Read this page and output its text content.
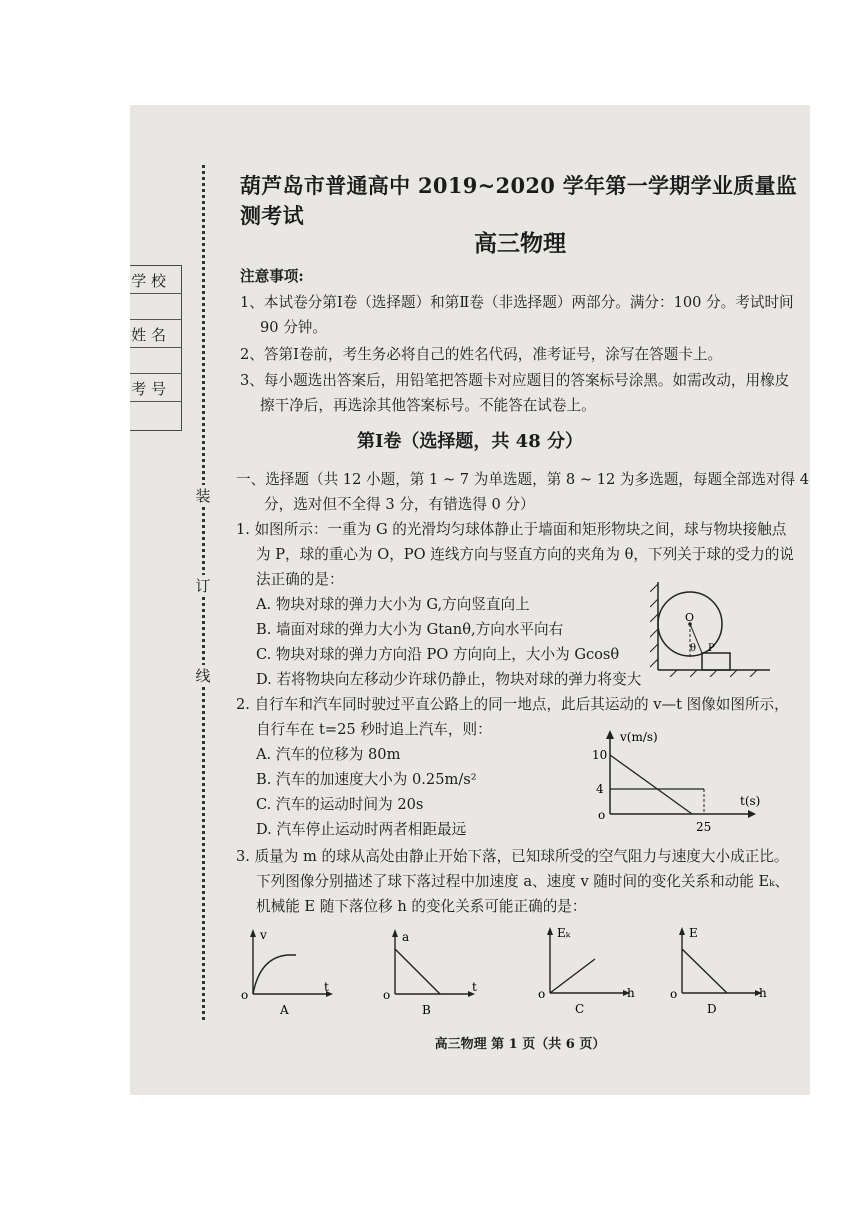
学 校
姓 名
考 号
装
订
线
葫芦岛市普通高中 2019~2020 学年第一学期学业质量监测考试
高三物理
注意事项:
1、本试卷分第Ⅰ卷（选择题）和第Ⅱ卷（非选择题）两部分。满分：100 分。考试时间
90 分钟。
2、答第Ⅰ卷前，考生务必将自己的姓名代码，准考证号，涂写在答题卡上。
3、每小题选出答案后，用铅笔把答题卡对应题目的答案标号涂黑。如需改动，用橡皮
擦干净后，再选涂其他答案标号。不能答在试卷上。
第Ⅰ卷（选择题，共 48 分）
一、选择题（共 12 小题，第 1 ~ 7 为单选题，第 8 ~ 12 为多选题，每题全部选对得 4
分，选对但不全得 3 分，有错选得 0 分）
1. 如图所示：一重为 G 的光滑均匀球体静止于墙面和矩形物块之间，球与物块接触点
为 P，球的重心为 O，PO 连线方向与竖直方向的夹角为 θ，下列关于球的受力的说
法正确的是：
A. 物块对球的弹力大小为 G,方向竖直向上
B. 墙面对球的弹力大小为 Gtanθ,方向水平向右
C. 物块对球的弹力方向沿 PO 方向向上，大小为 Gcosθ
D. 若将物块向左移动少许球仍静止，物块对球的弹力将变大
O
θ P
2. 自行车和汽车同时驶过平直公路上的同一地点，此后其运动的 v—t 图像如图所示，
自行车在 t=25 秒时追上汽车，则：
A. 汽车的位移为 80m
B. 汽车的加速度大小为 0.25m/s²
C. 汽车的运动时间为 20s
D. 汽车停止运动时两者相距最远
v(m/s)
t(s)
10
4
o
25
3. 质量为 m 的球从高处由静止开始下落，已知球所受的空气阻力与速度大小成正比。
下列图像分别描述了球下落过程中加速度 a、速度 v 随时间的变化关系和动能 Eₖ、
机械能 E 随下落位移 h 的变化关系可能正确的是：
v
t
o
A
a
t
o
B
Eₖ
h
o
C
E
h
o
D
高三物理 第 1 页（共 6 页）
